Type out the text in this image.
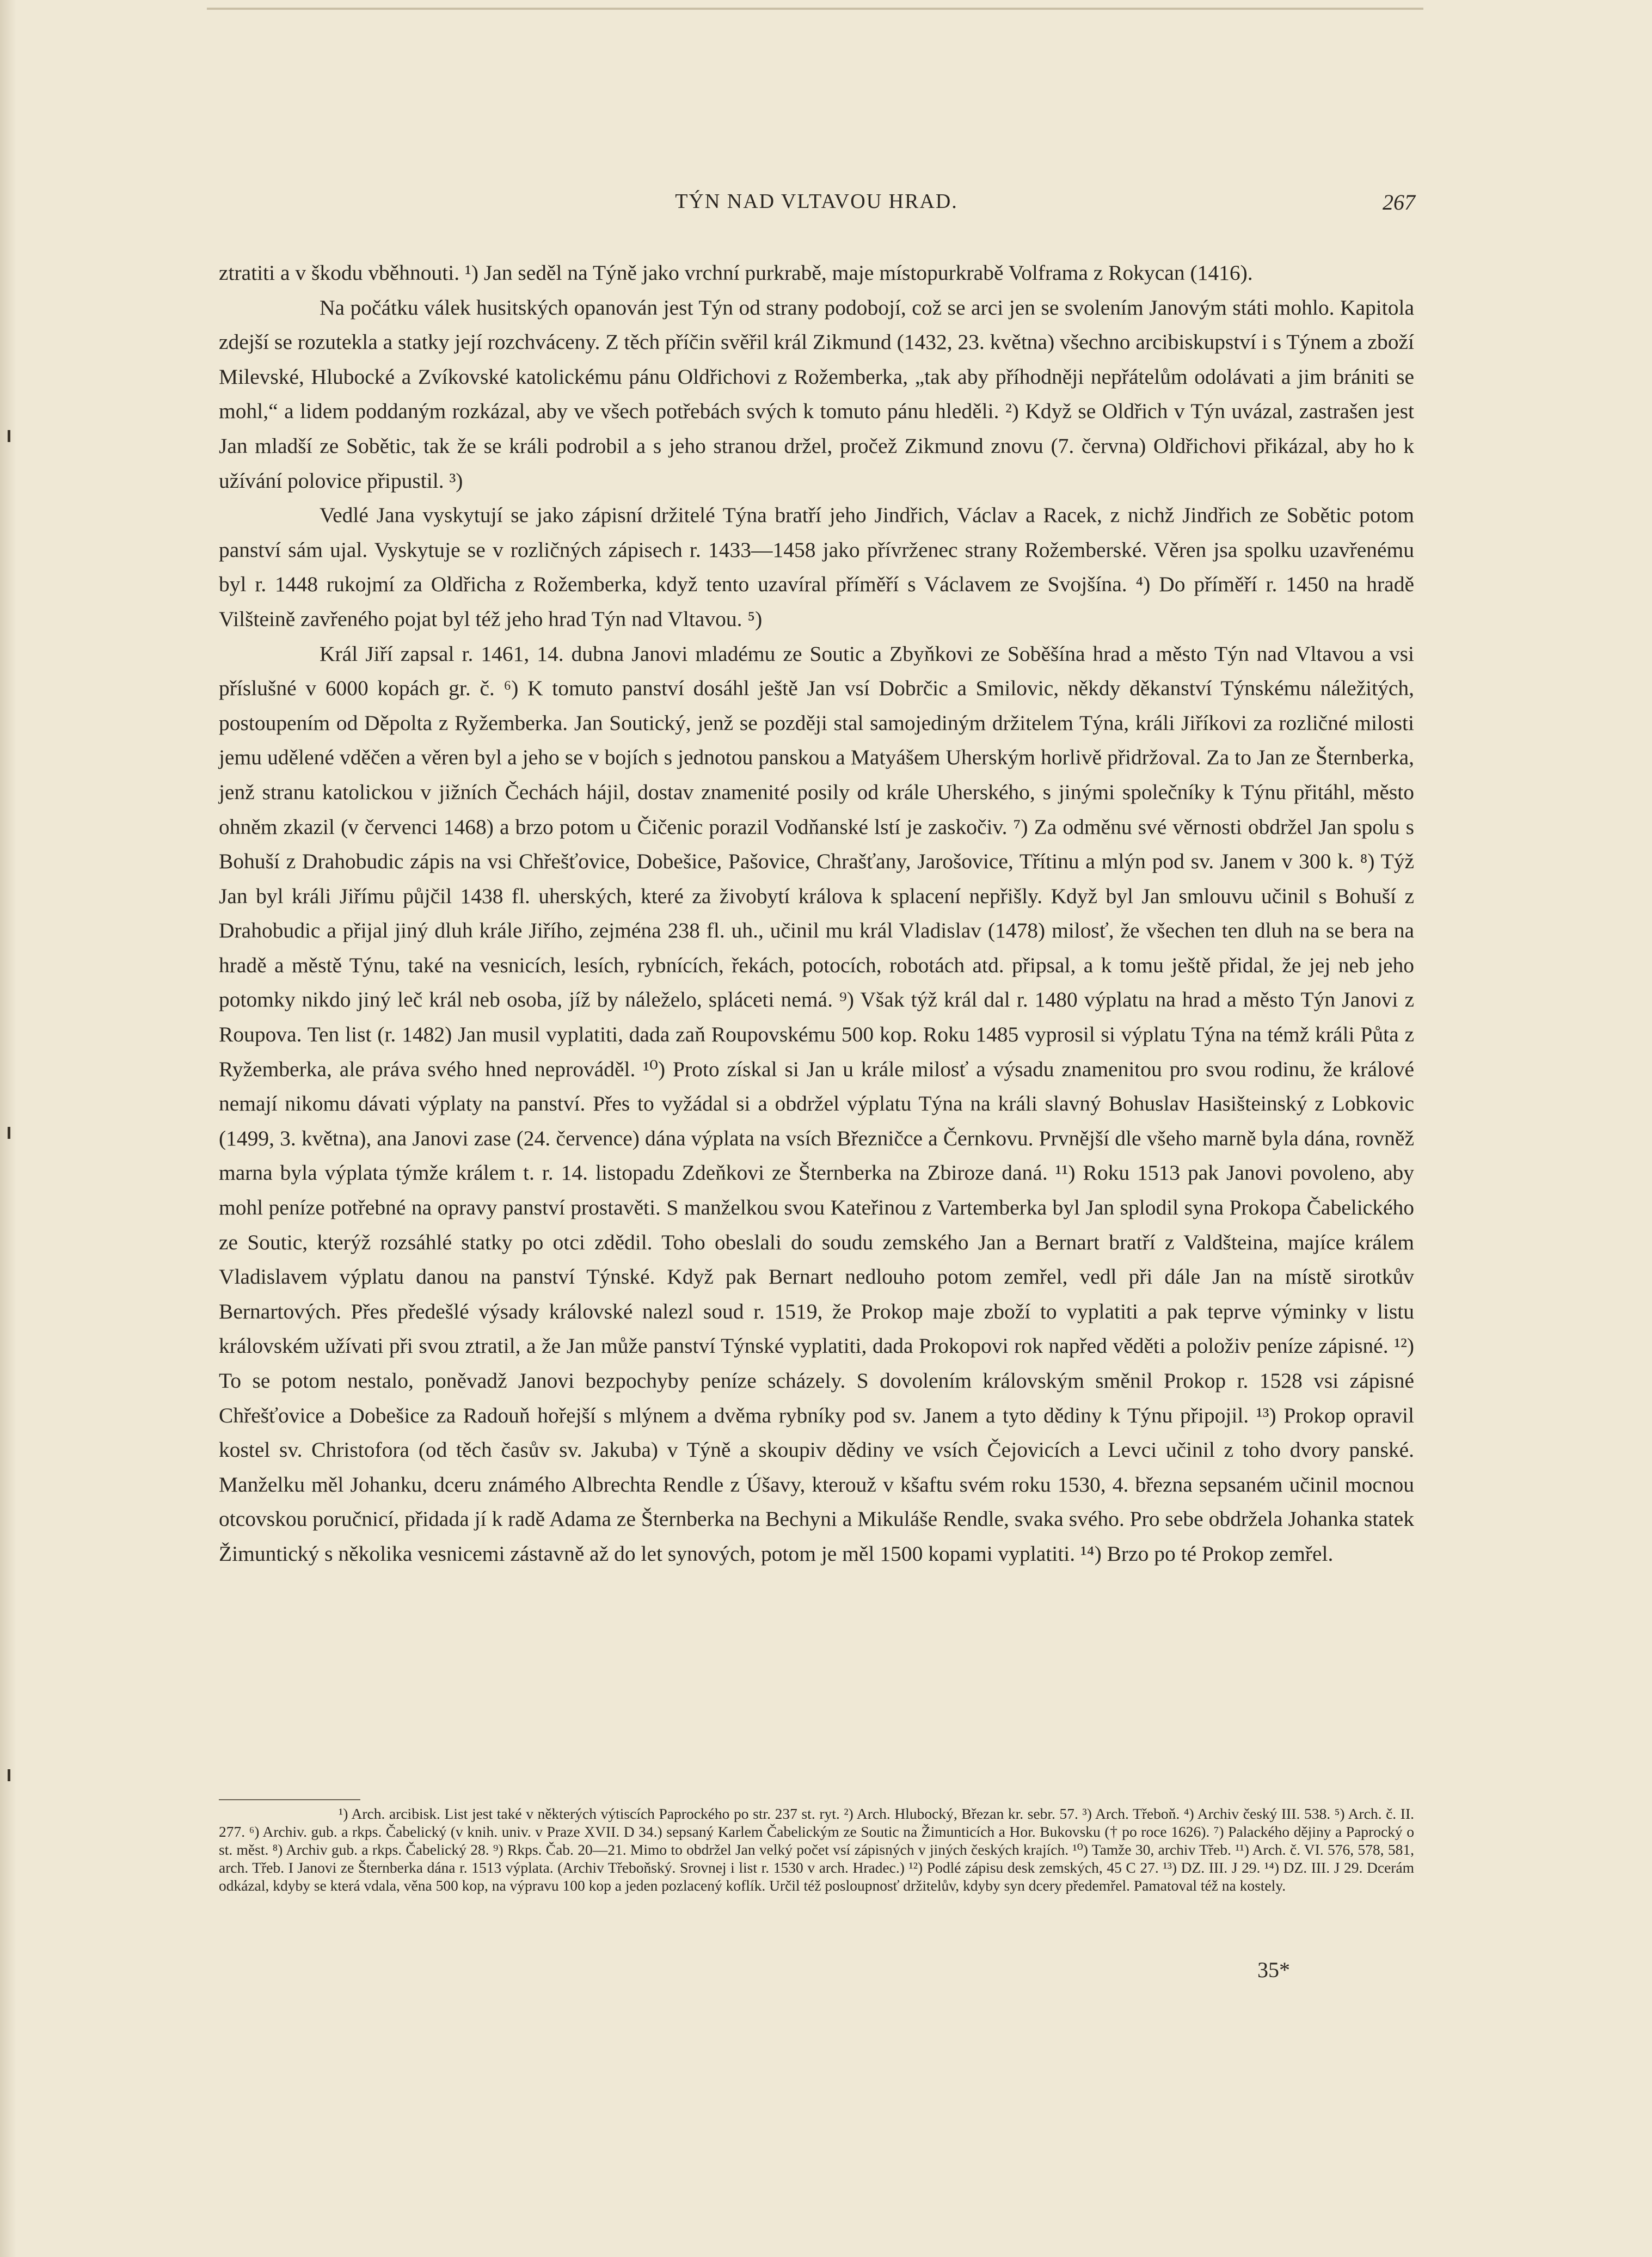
TÝN NAD VLTAVOU HRAD.	267

ztratiti a v škodu vběhnouti. ¹) Jan seděl na Týně jako vrchní purkrabě, maje místopurkrabě Volframa z Rokycan (1416).

Na počátku válek husitských opanován jest Týn od strany podobojí, což se arci jen se svolením Janovým státi mohlo. Kapitola zdejší se rozutekla a statky její rozchváceny. Z těch příčin svěřil král Zikmund (1432, 23. května) všechno arcibiskupství i s Týnem a zboží Milevské, Hlubocké a Zvíkovské katolickému pánu Oldřichovi z Rožemberka, „tak aby příhodněji nepřátelům odolávati a jim brániti se mohl,“ a lidem poddaným rozkázal, aby ve všech potřebách svých k tomuto pánu hleděli. ²) Když se Oldřich v Týn uvázal, zastrašen jest Jan mladší ze Sobětic, tak že se králi podrobil a s jeho stranou držel, pročež Zikmund znovu (7. června) Oldřichovi přikázal, aby ho k užívání polovice připustil. ³)

Vedlé Jana vyskytují se jako zápisní držitelé Týna bratří jeho Jindřich, Václav a Racek, z nichž Jindřich ze Sobětic potom panství sám ujal. Vyskytuje se v rozličných zápisech r. 1433—1458 jako přívrženec strany Rožemberské. Věren jsa spolku uzavřenému byl r. 1448 rukojmí za Oldřicha z Rožemberka, když tento uzavíral příměří s Václavem ze Svojšína. ⁴) Do příměří r. 1450 na hradě Vilšteině zavřeného pojat byl též jeho hrad Týn nad Vltavou. ⁵)

Král Jiří zapsal r. 1461, 14. dubna Janovi mladému ze Soutic a Zbyňkovi ze Soběšína hrad a město Týn nad Vltavou a vsi příslušné v 6000 kopách gr. č. ⁶) K tomuto panství dosáhl ještě Jan vsí Dobrčic a Smilovic, někdy děkanství Týnskému náležitých, postoupením od Děpolta z Ryžemberka. Jan Soutický, jenž se později stal samojediným držitelem Týna, králi Jiříkovi za rozličné milosti jemu udělené vděčen a věren byl a jeho se v bojích s jednotou panskou a Matyášem Uherským horlivě přidržoval. Za to Jan ze Šternberka, jenž stranu katolickou v jižních Čechách hájil, dostav znamenité posily od krále Uherského, s jinými společníky k Týnu přitáhl, město ohněm zkazil (v červenci 1468) a brzo potom u Čičenic porazil Vodňanské lstí je zaskočiv. ⁷) Za odměnu své věrnosti obdržel Jan spolu s Bohuší z Drahobudic zápis na vsi Chřešťovice, Dobešice, Pašovice, Chrašťany, Jarošovice, Třítinu a mlýn pod sv. Janem v 300 k. ⁸) Týž Jan byl králi Jiřímu půjčil 1438 fl. uherských, které za živobytí králova k splacení nepřišly. Když byl Jan smlouvu učinil s Bohuší z Drahobudic a přijal jiný dluh krále Jiřího, zejména 238 fl. uh., učinil mu král Vladislav (1478) milosť, že všechen ten dluh na se bera na hradě a městě Týnu, také na vesnicích, lesích, rybnících, řekách, potocích, robotách atd. připsal, a k tomu ještě přidal, že jej neb jeho potomky nikdo jiný leč král neb osoba, jíž by náleželo, spláceti nemá. ⁹) Však týž král dal r. 1480 výplatu na hrad a město Týn Janovi z Roupova. Ten list (r. 1482) Jan musil vyplatiti, dada zaň Roupovskému 500 kop. Roku 1485 vyprosil si výplatu Týna na témž králi Půta z Ryžemberka, ale práva svého hned neprováděl. ¹⁰) Proto získal si Jan u krále milosť a výsadu znamenitou pro svou rodinu, že králové nemají nikomu dávati výplaty na panství. Přes to vyžádal si a obdržel výplatu Týna na králi slavný Bohuslav Hasišteinský z Lobkovic (1499, 3. května), ana Janovi zase (24. července) dána výplata na vsích Březničce a Černkovu. Prvnější dle všeho marně byla dána, rovněž marna byla výplata týmže králem t. r. 14. listopadu Zdeňkovi ze Šternberka na Zbiroze daná. ¹¹) Roku 1513 pak Janovi povoleno, aby mohl peníze potřebné na opravy panství prostavěti. S manželkou svou Kateřinou z Vartemberka byl Jan splodil syna Prokopa Čabelického ze Soutic, kterýž rozsáhlé statky po otci zdědil. Toho obeslali do soudu zemského Jan a Bernart bratří z Valdšteina, majíce králem Vladislavem výplatu danou na panství Týnské. Když pak Bernart nedlouho potom zemřel, vedl při dále Jan na místě sirotkův Bernartových. Přes předešlé výsady královské nalezl soud r. 1519, že Prokop maje zboží to vyplatiti a pak teprve výminky v listu královském užívati při svou ztratil, a že Jan může panství Týnské vyplatiti, dada Prokopovi rok napřed věděti a položiv peníze zápisné. ¹²) To se potom nestalo, poněvadž Janovi bezpochyby peníze scházely. S dovolením královským směnil Prokop r. 1528 vsi zápisné Chřešťovice a Dobešice za Radouň hořejší s mlýnem a dvěma rybníky pod sv. Janem a tyto dědiny k Týnu připojil. ¹³) Prokop opravil kostel sv. Christofora (od těch časův sv. Jakuba) v Týně a skoupiv dědiny ve vsích Čejovicích a Levci učinil z toho dvory panské. Manželku měl Johanku, dceru známého Albrechta Rendle z Úšavy, kterouž v kšaftu svém roku 1530, 4. března sepsaném učinil mocnou otcovskou poručnicí, přidada jí k radě Adama ze Šternberka na Bechyni a Mikuláše Rendle, svaka svého. Pro sebe obdržela Johanka statek Žimuntický s několika vesnicemi zástavně až do let synových, potom je měl 1500 kopami vyplatiti. ¹⁴) Brzo po té Prokop zemřel.

¹) Arch. arcibisk. List jest také v některých výtiscích Paprockého po str. 237 st. ryt. ²) Arch. Hlubocký, Březan kr. sebr. 57. ³) Arch. Třeboň. ⁴) Archiv český III. 538. ⁵) Arch. č. II. 277. ⁶) Archiv. gub. a rkps. Čabelický (v knih. univ. v Praze XVII. D 34.) sepsaný Karlem Čabelickým ze Soutic na Žimunticích a Hor. Bukovsku († po roce 1626). ⁷) Palackého dějiny a Paprocký o st. měst. ⁸) Archiv gub. a rkps. Čabelický 28. ⁹) Rkps. Čab. 20—21. Mimo to obdržel Jan velký počet vsí zápisných v jiných českých krajích. ¹⁰) Tamže 30, archiv Třeb. ¹¹) Arch. č. VI. 576, 578, 581, arch. Třeb. I Janovi ze Šternberka dána r. 1513 výplata. (Archiv Třeboňský. Srovnej i list r. 1530 v arch. Hradec.) ¹²) Podlé zápisu desk zemských, 45 C 27. ¹³) DZ. III. J 29. ¹⁴) DZ. III. J 29. Dcerám odkázal, kdyby se která vdala, věna 500 kop, na výpravu 100 kop a jeden pozlacený koflík. Určil též posloupnosť držitelův, kdyby syn dcery předemřel. Pamatoval též na kostely.

35*
